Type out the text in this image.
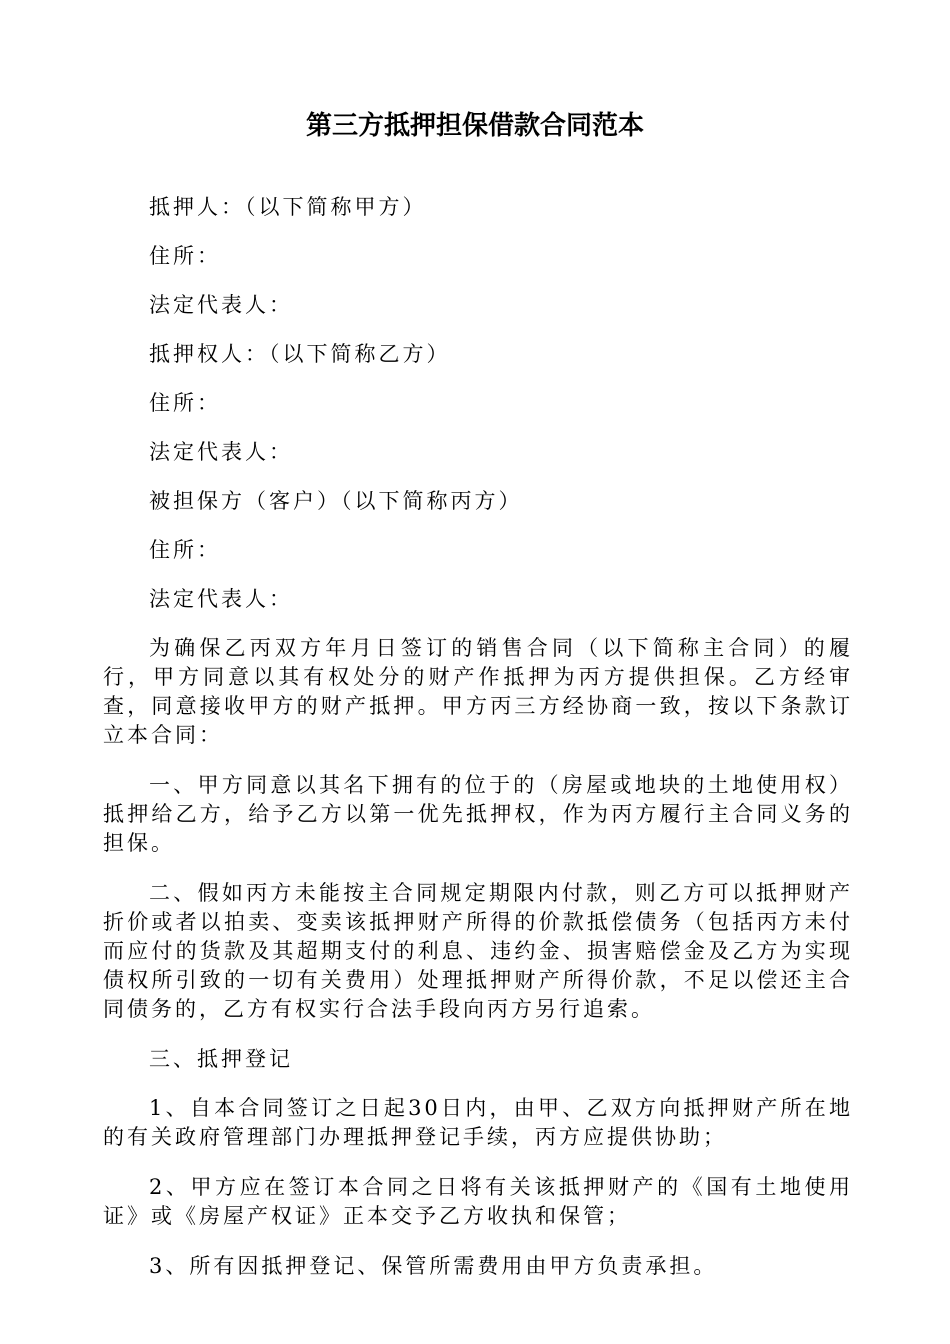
第三方抵押担保借款合同范本

抵押人：（以下简称甲方）

住所：

法定代表人：

抵押权人：（以下简称乙方）

住所：

法定代表人：

被担保方（客户）（以下简称丙方）

住所：

法定代表人：

为确保乙丙双方年月日签订的销售合同（以下简称主合同）的履行，甲方同意以其有权处分的财产作抵押为丙方提供担保。乙方经审查，同意接收甲方的财产抵押。甲方丙三方经协商一致，按以下条款订立本合同：

一、甲方同意以其名下拥有的位于的（房屋或地块的土地使用权）抵押给乙方，给予乙方以第一优先抵押权，作为丙方履行主合同义务的担保。

二、假如丙方未能按主合同规定期限内付款，则乙方可以抵押财产折价或者以拍卖、变卖该抵押财产所得的价款抵偿债务（包括丙方未付而应付的货款及其超期支付的利息、违约金、损害赔偿金及乙方为实现债权所引致的一切有关费用）处理抵押财产所得价款，不足以偿还主合同债务的，乙方有权实行合法手段向丙方另行追索。

三、抵押登记

1、自本合同签订之日起30日内，由甲、乙双方向抵押财产所在地的有关政府管理部门办理抵押登记手续，丙方应提供协助；

2、甲方应在签订本合同之日将有关该抵押财产的《国有土地使用证》或《房屋产权证》正本交予乙方收执和保管；

3、所有因抵押登记、保管所需费用由甲方负责承担。
